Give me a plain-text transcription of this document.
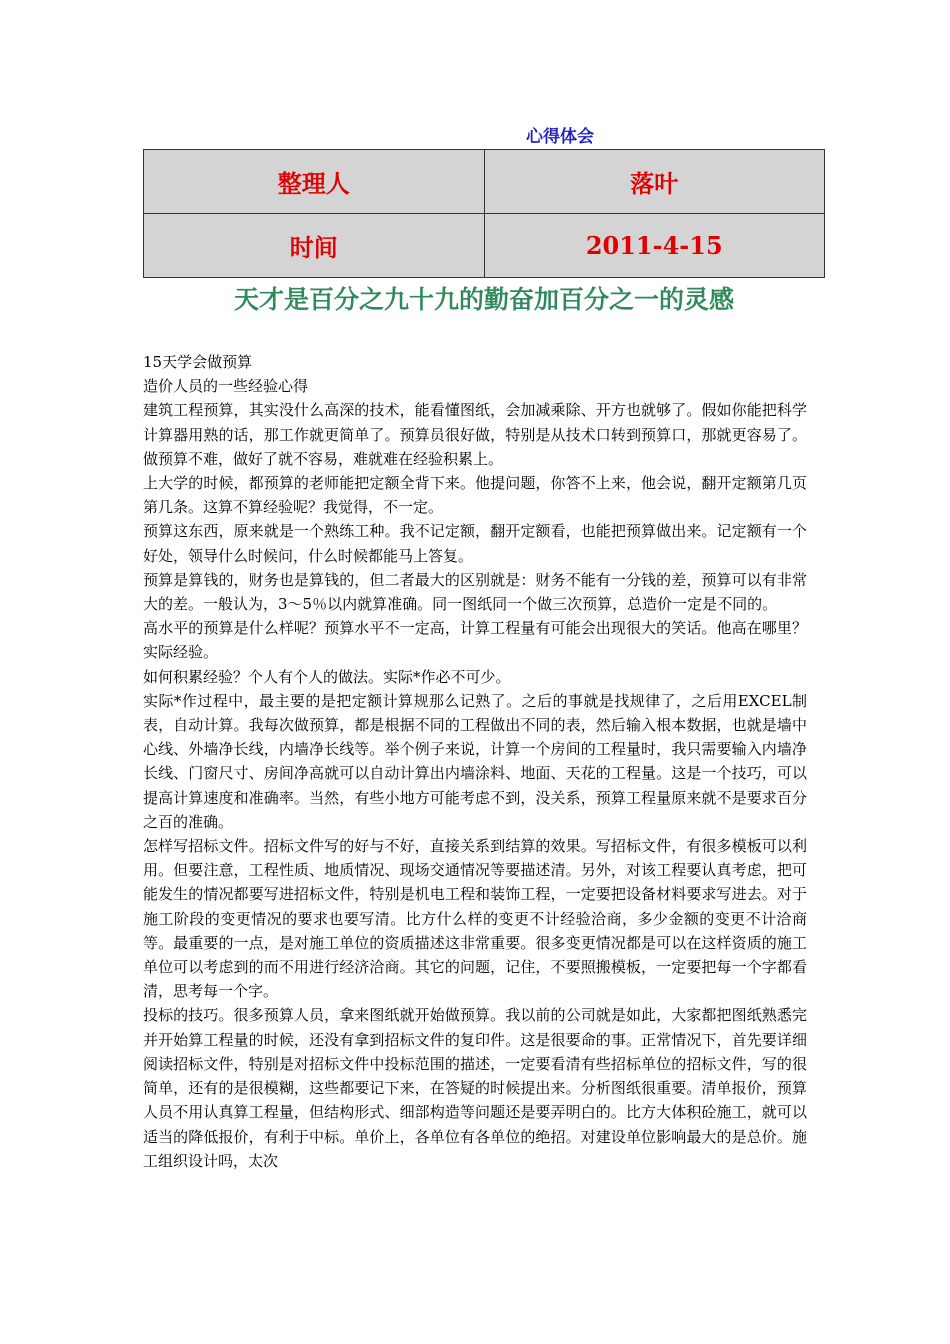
心得体会
整理人	落叶
时间	2011-4-15
天才是百分之九十九的勤奋加百分之一的灵感

15天学会做预算

造价人员的一些经验心得

建筑工程预算，其实没什么高深的技术，能看懂图纸，会加减乘除、开方也就够了。假如你能把科学计算器用熟的话，那工作就更简单了。预算员很好做，特别是从技术口转到预算口，那就更容易了。做预算不难，做好了就不容易，难就难在经验积累上。

上大学的时候，都预算的老师能把定额全背下来。他提问题，你答不上来，他会说，翻开定额第几页第几条。这算不算经验呢？我觉得，不一定。

预算这东西，原来就是一个熟练工种。我不记定额，翻开定额看，也能把预算做出来。记定额有一个好处，领导什么时候问，什么时候都能马上答复。

预算是算钱的，财务也是算钱的，但二者最大的区别就是：财务不能有一分钱的差，预算可以有非常大的差。一般认为，3～5％以内就算准确。同一图纸同一个做三次预算，总造价一定是不同的。

高水平的预算是什么样呢？预算水平不一定高，计算工程量有可能会出现很大的笑话。他高在哪里？实际经验。

如何积累经验？个人有个人的做法。实际*作必不可少。

实际*作过程中，最主要的是把定额计算规那么记熟了。之后的事就是找规律了，之后用EXCEL制表，自动计算。我每次做预算，都是根据不同的工程做出不同的表，然后输入根本数据，也就是墙中心线、外墙净长线，内墙净长线等。举个例子来说，计算一个房间的工程量时，我只需要输入内墙净长线、门窗尺寸、房间净高就可以自动计算出内墙涂料、地面、天花的工程量。这是一个技巧，可以提高计算速度和准确率。当然，有些小地方可能考虑不到，没关系，预算工程量原来就不是要求百分之百的准确。

怎样写招标文件。招标文件写的好与不好，直接关系到结算的效果。写招标文件，有很多模板可以利用。但要注意，工程性质、地质情况、现场交通情况等要描述清。另外，对该工程要认真考虑，把可能发生的情况都要写进招标文件，特别是机电工程和装饰工程，一定要把设备材料要求写进去。对于施工阶段的变更情况的要求也要写清。比方什么样的变更不计经验洽商，多少金额的变更不计洽商等。最重要的一点，是对施工单位的资质描述这非常重要。很多变更情况都是可以在这样资质的施工单位可以考虑到的而不用进行经济洽商。其它的问题，记住，不要照搬模板，一定要把每一个字都看清，思考每一个字。

投标的技巧。很多预算人员，拿来图纸就开始做预算。我以前的公司就是如此，大家都把图纸熟悉完并开始算工程量的时候，还没有拿到招标文件的复印件。这是很要命的事。正常情况下，首先要详细阅读招标文件，特别是对招标文件中投标范围的描述，一定要看清有些招标单位的招标文件，写的很简单，还有的是很模糊，这些都要记下来，在答疑的时候提出来。分析图纸很重要。清单报价，预算人员不用认真算工程量，但结构形式、细部构造等问题还是要弄明白的。比方大体积砼施工，就可以适当的降低报价，有利于中标。单价上，各单位有各单位的绝招。对建设单位影响最大的是总价。施工组织设计吗，太次
